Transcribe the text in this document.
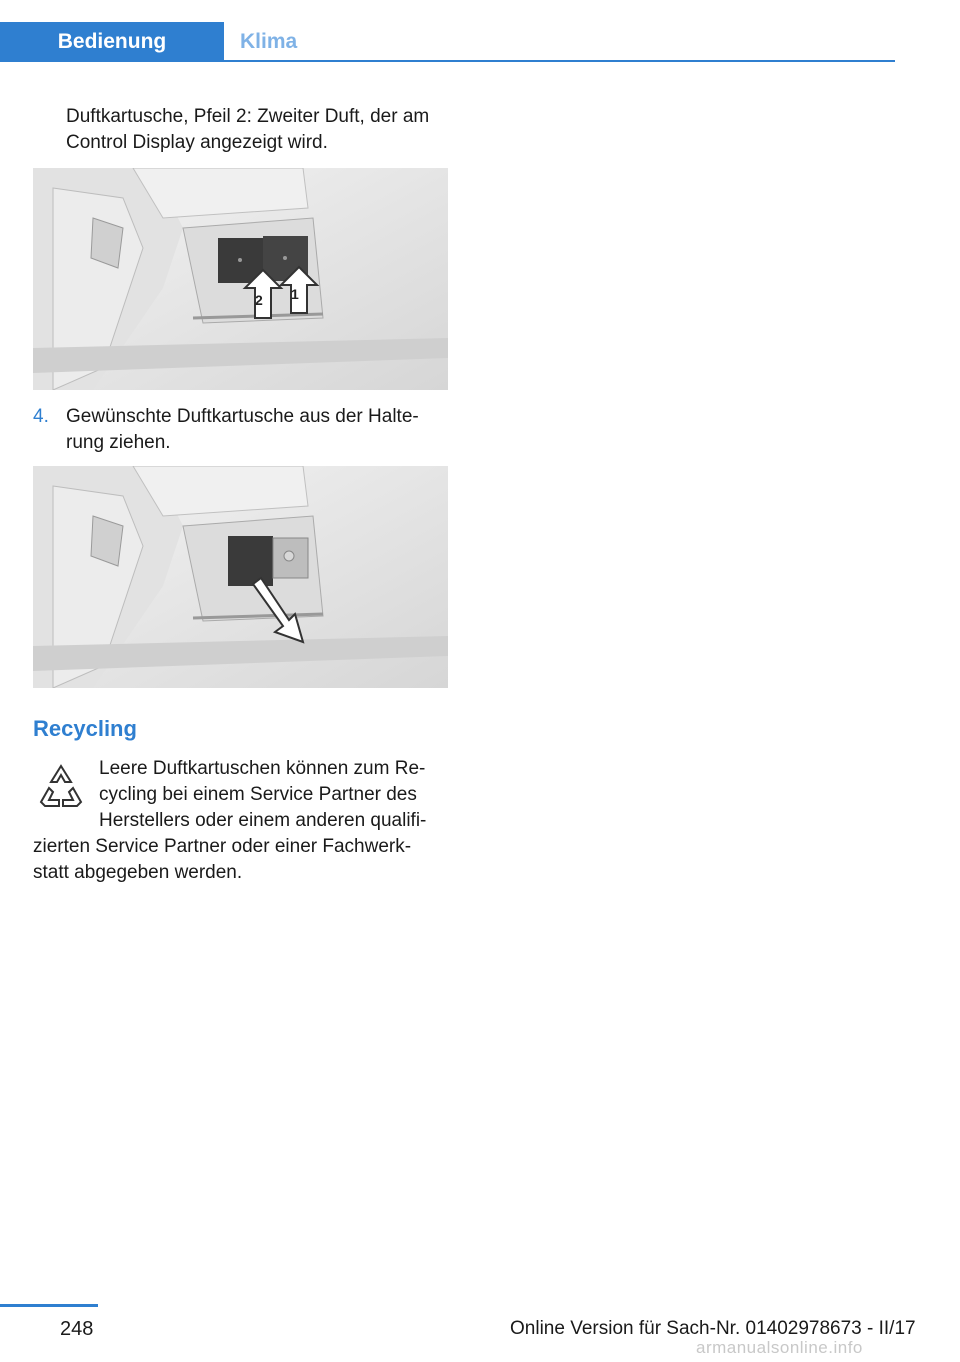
Bedienung	Klima
Duftkartusche, Pfeil 2: Zweiter Duft, der am
Control Display angezeigt wird.
2 1
4. Gewünschte Duftkartusche aus der Halte-
rung ziehen.
Recycling
Leere Duftkartuschen können zum Re-
cycling bei einem Service Partner des
Herstellers oder einem anderen qualifi-
zierten Service Partner oder einer Fachwerk-
statt abgegeben werden.
248	Online Version für Sach-Nr. 01402978673 - II/17
armanualsonline.info
